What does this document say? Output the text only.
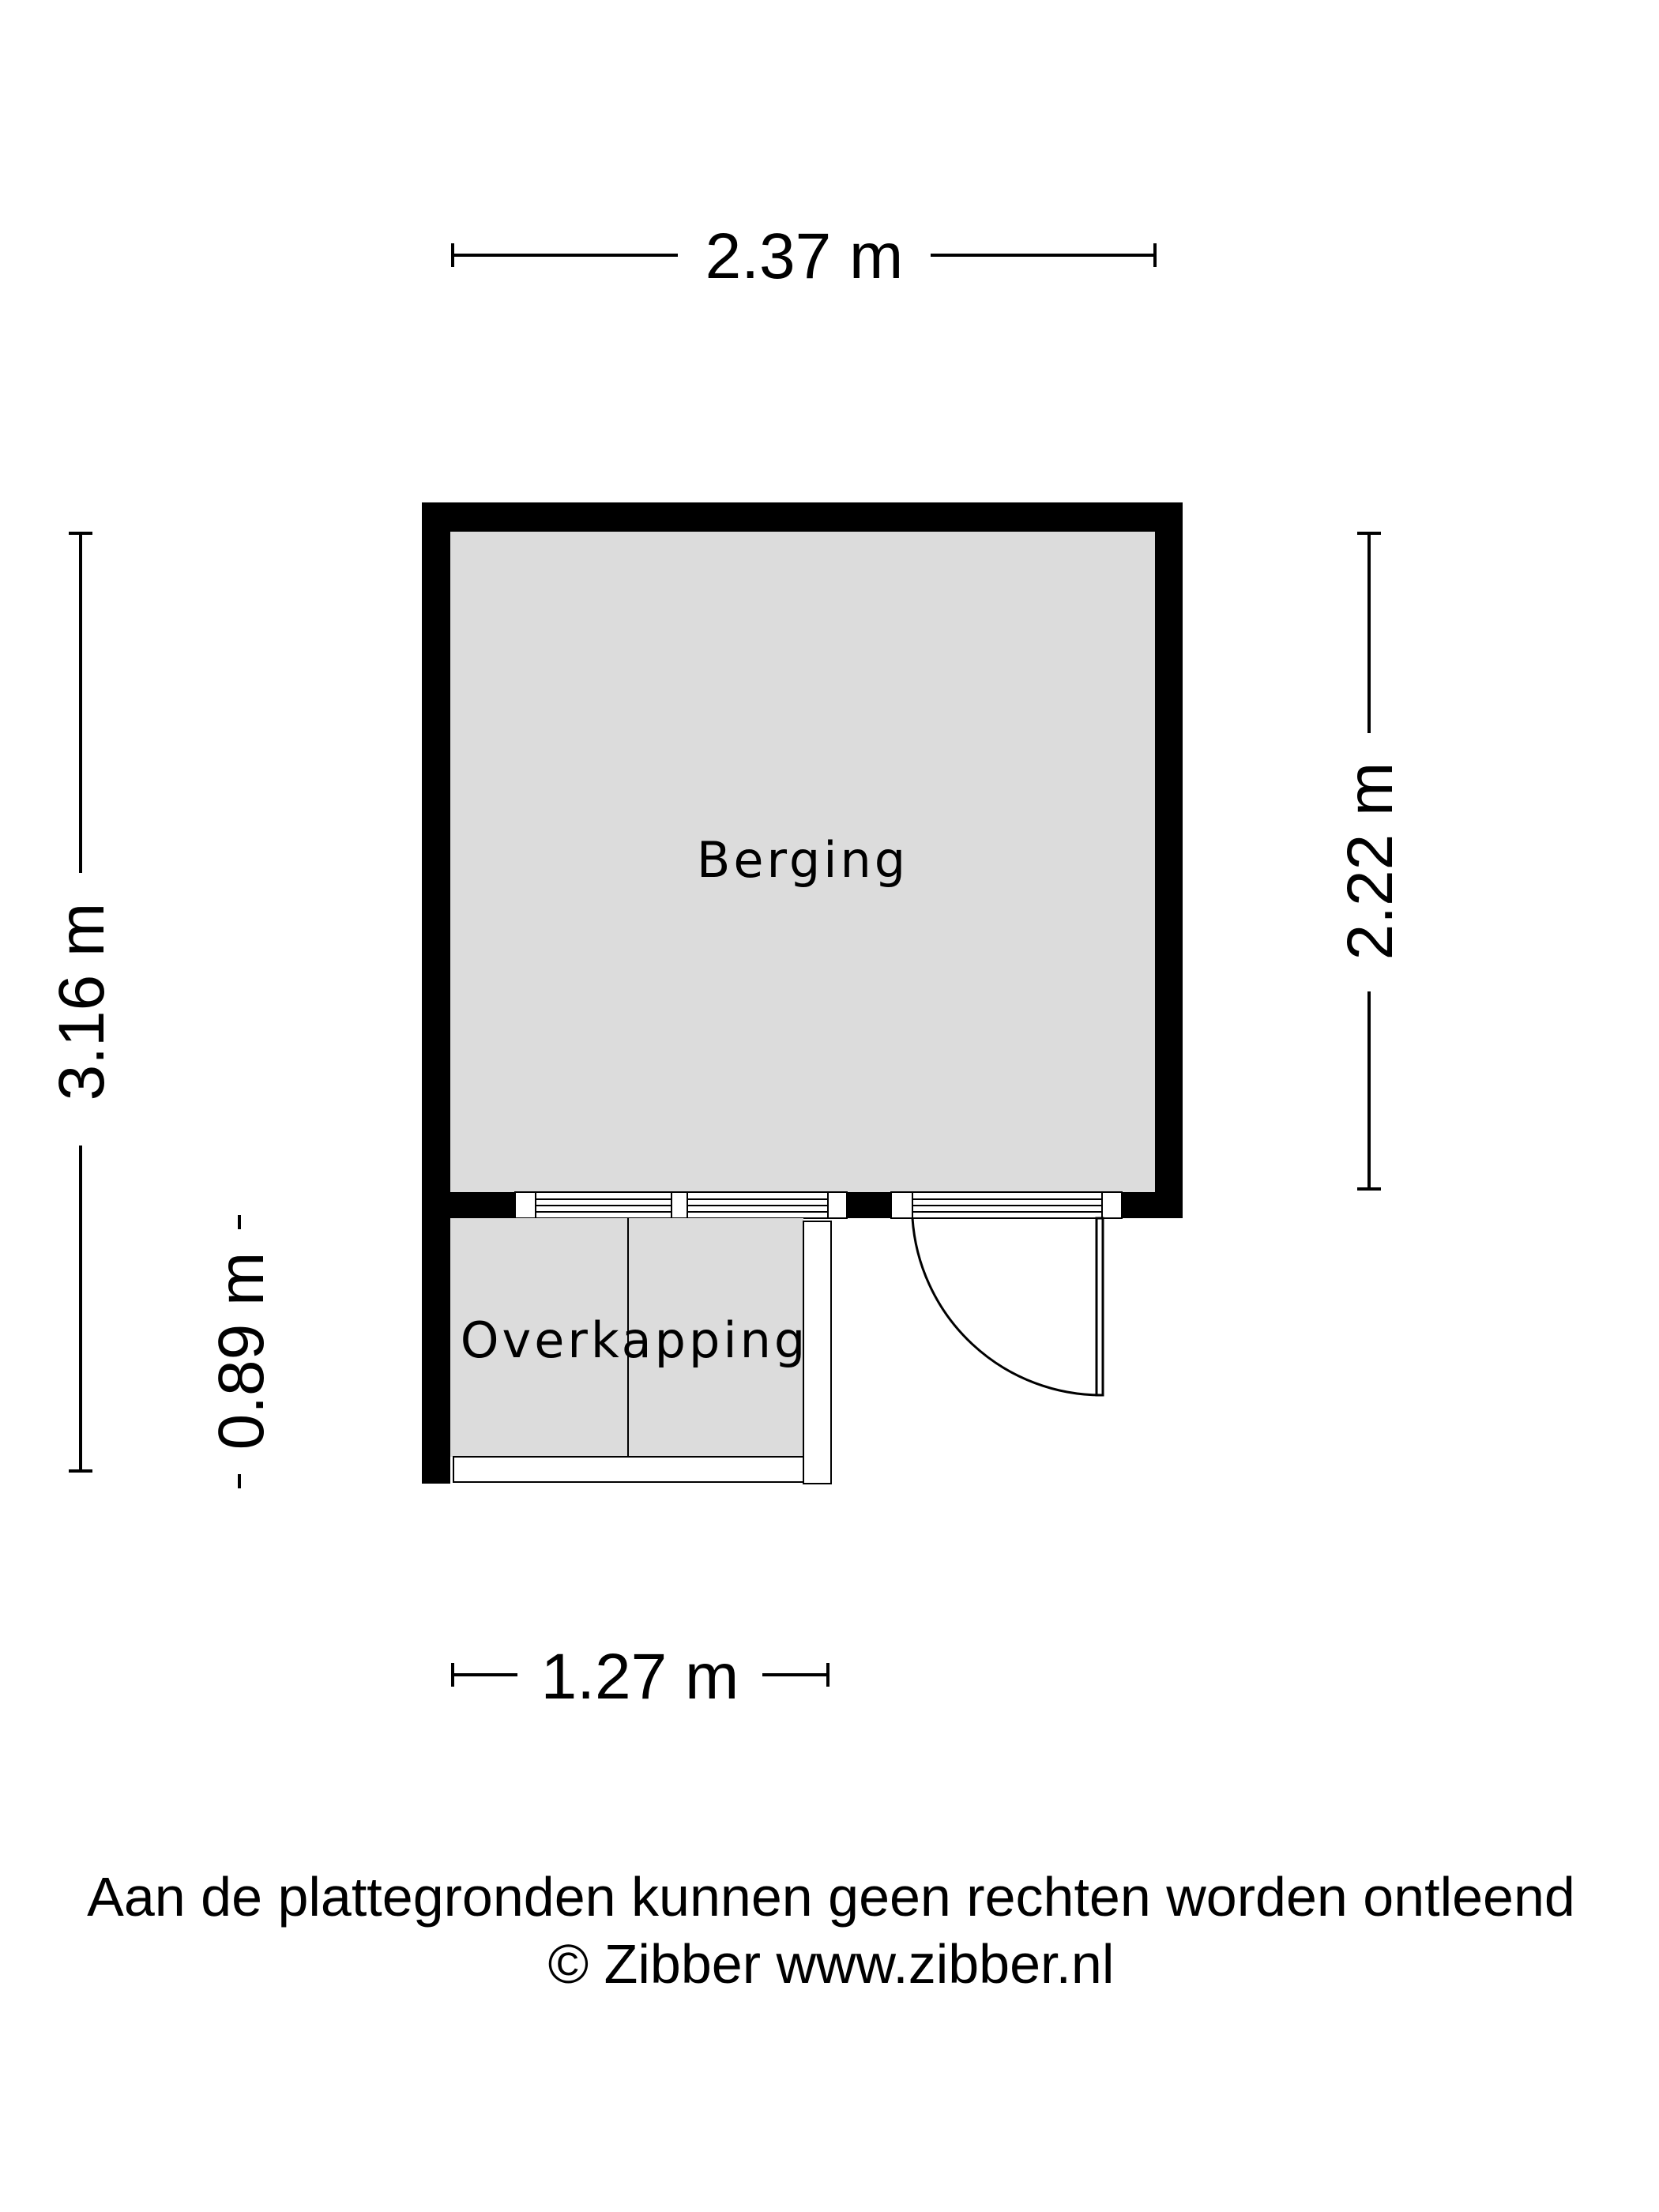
2.37 m
3.16 m
2.22 m
0.89 m
1.27 m
Berging
Overkapping
Aan de plattegronden kunnen geen rechten worden ontleend
© Zibber www.zibber.nl
